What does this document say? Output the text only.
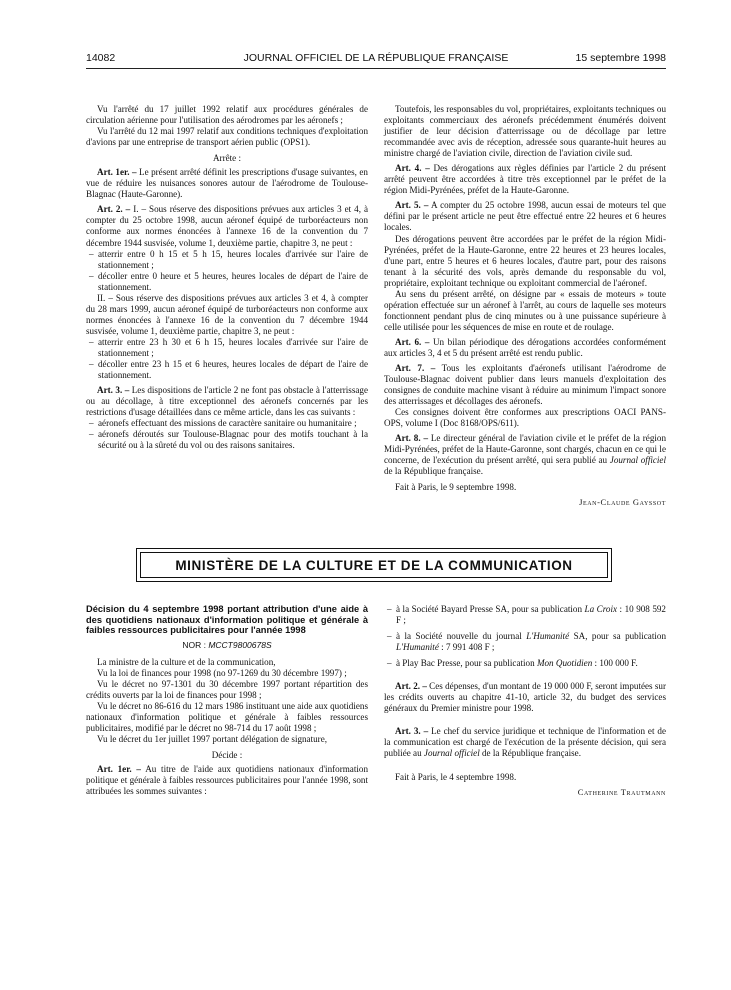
14082	JOURNAL OFFICIEL DE LA RÉPUBLIQUE FRANÇAISE	15 septembre 1998

Vu l'arrêté du 17 juillet 1992 relatif aux procédures générales de circulation aérienne pour l'utilisation des aérodromes par les aéronefs ;

Vu l'arrêté du 12 mai 1997 relatif aux conditions techniques d'exploitation d'avions par une entreprise de transport aérien public (OPS1).

Arrête :

Art. 1er. – Le présent arrêté définit les prescriptions d'usage suivantes, en vue de réduire les nuisances sonores autour de l'aérodrome de Toulouse-Blagnac (Haute-Garonne).

Art. 2. – I. – Sous réserve des dispositions prévues aux articles 3 et 4, à compter du 25 octobre 1998, aucun aéronef équipé de turboréacteurs non conforme aux normes énoncées à l'annexe 16 de la convention du 7 décembre 1944 susvisée, volume 1, deuxième partie, chapitre 3, ne peut :

– atterrir entre 0 h 15 et 5 h 15, heures locales d'arrivée sur l'aire de stationnement ;
– décoller entre 0 heure et 5 heures, heures locales de départ de l'aire de stationnement.

II. – Sous réserve des dispositions prévues aux articles 3 et 4, à compter du 28 mars 1999, aucun aéronef équipé de turboréacteurs non conforme aux normes énoncées à l'annexe 16 de la convention du 7 décembre 1944 susvisée, volume 1, deuxième partie, chapitre 3, ne peut :

– atterrir entre 23 h 30 et 6 h 15, heures locales d'arrivée sur l'aire de stationnement ;
– décoller entre 23 h 15 et 6 heures, heures locales de départ de l'aire de stationnement.

Art. 3. – Les dispositions de l'article 2 ne font pas obstacle à l'atterrissage ou au décollage, à titre exceptionnel des aéronefs concernés par les restrictions d'usage détaillées dans ce même article, dans les cas suivants :

– aéronefs effectuant des missions de caractère sanitaire ou humanitaire ;
– aéronefs déroutés sur Toulouse-Blagnac pour des motifs touchant à la sécurité ou à la sûreté du vol ou des raisons sanitaires.

Toutefois, les responsables du vol, propriétaires, exploitants techniques ou exploitants commerciaux des aéronefs précédemment énumérés doivent justifier de leur décision d'atterrissage ou de décollage par lettre recommandée avec avis de réception, adressée sous quarante-huit heures au ministre chargé de l'aviation civile, direction de l'aviation civile sud.

Art. 4. – Des dérogations aux règles définies par l'article 2 du présent arrêté peuvent être accordées à titre très exceptionnel par le préfet de la région Midi-Pyrénées, préfet de la Haute-Garonne.

Art. 5. – A compter du 25 octobre 1998, aucun essai de moteurs tel que défini par le présent article ne peut être effectué entre 22 heures et 6 heures locales.

Des dérogations peuvent être accordées par le préfet de la région Midi-Pyrénées, préfet de la Haute-Garonne, entre 22 heures et 23 heures locales, d'une part, entre 5 heures et 6 heures locales, d'autre part, pour des raisons tenant à la sécurité des vols, après demande du responsable du vol, propriétaire, exploitant technique ou exploitant commercial de l'aéronef.

Au sens du présent arrêté, on désigne par « essais de moteurs » toute opération effectuée sur un aéronef à l'arrêt, au cours de laquelle ses moteurs fonctionnent pendant plus de cinq minutes ou à une puissance supérieure à celle utilisée pour les séquences de mise en route et de roulage.

Art. 6. – Un bilan périodique des dérogations accordées conformément aux articles 3, 4 et 5 du présent arrêté est rendu public.

Art. 7. – Tous les exploitants d'aéronefs utilisant l'aérodrome de Toulouse-Blagnac doivent publier dans leurs manuels d'exploitation des consignes de conduite machine visant à réduire au minimum l'impact sonore des atterrissages et décollages des aéronefs.

Ces consignes doivent être conformes aux prescriptions OACI PANS-OPS, volume I (Doc 8168/OPS/611).

Art. 8. – Le directeur général de l'aviation civile et le préfet de la région Midi-Pyrénées, préfet de la Haute-Garonne, sont chargés, chacun en ce qui le concerne, de l'exécution du présent arrêté, qui sera publié au Journal officiel de la République française.

Fait à Paris, le 9 septembre 1998.

Jean-Claude Gayssot

MINISTÈRE DE LA CULTURE ET DE LA COMMUNICATION

Décision du 4 septembre 1998 portant attribution d'une aide à des quotidiens nationaux d'information politique et générale à faibles ressources publicitaires pour l'année 1998

NOR : MCCT9800678S

La ministre de la culture et de la communication,

Vu la loi de finances pour 1998 (no 97-1269 du 30 décembre 1997) ;

Vu le décret no 97-1301 du 30 décembre 1997 portant répartition des crédits ouverts par la loi de finances pour 1998 ;

Vu le décret no 86-616 du 12 mars 1986 instituant une aide aux quotidiens nationaux d'information politique et générale à faibles ressources publicitaires, modifié par le décret no 98-714 du 17 août 1998 ;

Vu le décret du 1er juillet 1997 portant délégation de signature,

Décide :

Art. 1er. – Au titre de l'aide aux quotidiens nationaux d'information politique et générale à faibles ressources publicitaires pour l'année 1998, sont attribuées les sommes suivantes :

– à la Société Bayard Presse SA, pour sa publication La Croix : 10 908 592 F ;
– à la Société nouvelle du journal L'Humanité SA, pour sa publication L'Humanité : 7 991 408 F ;
– à Play Bac Presse, pour sa publication Mon Quotidien : 100 000 F.

Art. 2. – Ces dépenses, d'un montant de 19 000 000 F, seront imputées sur les crédits ouverts au chapitre 41-10, article 32, du budget des services généraux du Premier ministre pour 1998.

Art. 3. – Le chef du service juridique et technique de l'information et de la communication est chargé de l'exécution de la présente décision, qui sera publiée au Journal officiel de la République française.

Fait à Paris, le 4 septembre 1998.

Catherine Trautmann
